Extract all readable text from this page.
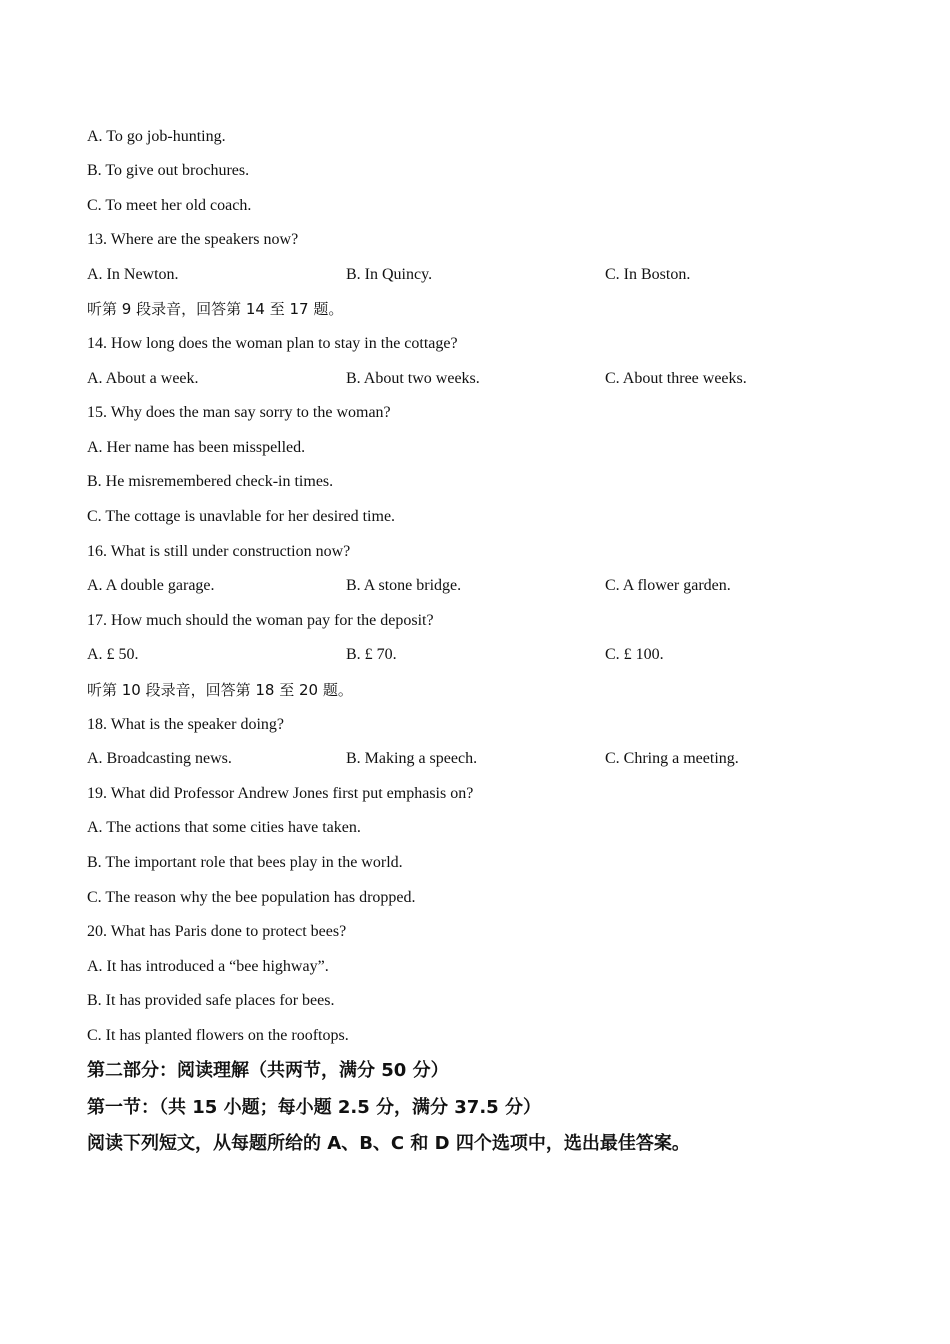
A. To go job-hunting.
B. To give out brochures.
C. To meet her old coach.
13. Where are the speakers now?
A. In Newton.	B. In Quincy.	C. In Boston.
听第 9 段录音，回答第 14 至 17 题。
14. How long does the woman plan to stay in the cottage?
A. About a week.	B. About two weeks.	C. About three weeks.
15. Why does the man say sorry to the woman?
A. Her name has been misspelled.
B. He misremembered check-in times.
C. The cottage is unavlable for her desired time.
16. What is still under construction now?
A. A double garage.	B. A stone bridge.	C. A flower garden.
17. How much should the woman pay for the deposit?
A. £ 50.	B. £ 70.	C. £ 100.
听第 10 段录音，回答第 18 至 20 题。
18. What is the speaker doing?
A. Broadcasting news.	B. Making a speech.	C. Chring a meeting.
19. What did Professor Andrew Jones first put emphasis on?
A. The actions that some cities have taken.
B. The important role that bees play in the world.
C. The reason why the bee population has dropped.
20. What has Paris done to protect bees?
A. It has introduced a “bee highway”.
B. It has provided safe places for bees.
C. It has planted flowers on the rooftops.
第二部分：阅读理解（共两节，满分 50 分）
第一节：（共 15 小题；每小题 2.5 分，满分 37.5 分）
阅读下列短文，从每题所给的 A、B、C 和 D 四个选项中，选出最佳答案。
